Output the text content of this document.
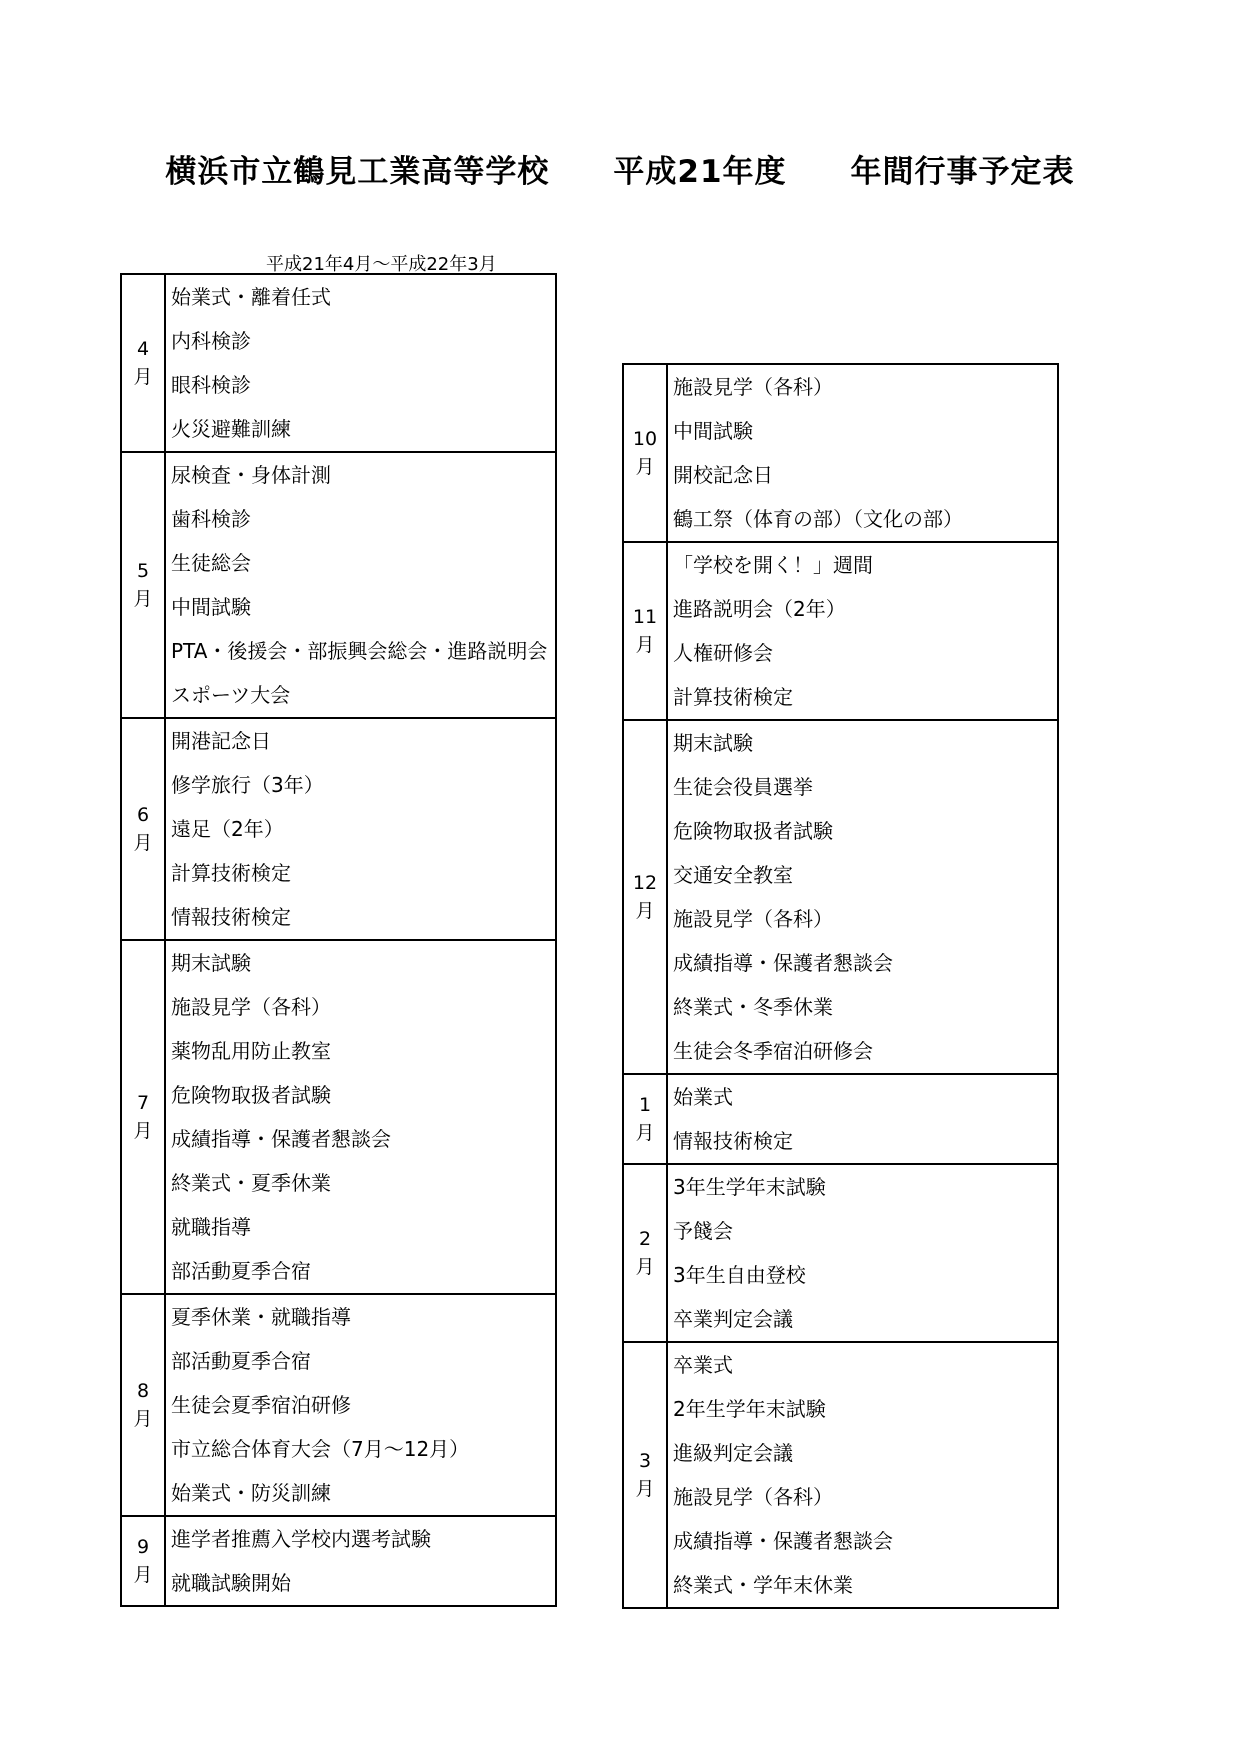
横浜市立鶴見工業高等学校　　平成21年度　　年間行事予定表
平成21年4月～平成22年3月
4
月	始業式・離着任式
	内科検診
	眼科検診
	火災避難訓練

5
月	尿検査・身体計測
	歯科検診
	生徒総会
	中間試験
	PTA・後援会・部振興会総会・進路説明会
	スポーツ大会

6
月	開港記念日
	修学旅行（3年）
	遠足（2年）
	計算技術検定
	情報技術検定

7
月	期末試験
	施設見学（各科）
	薬物乱用防止教室
	危険物取扱者試験
	成績指導・保護者懇談会
	終業式・夏季休業
	就職指導
	部活動夏季合宿

8
月	夏季休業・就職指導
	部活動夏季合宿
	生徒会夏季宿泊研修
	市立総合体育大会（7月～12月）
	始業式・防災訓練

9
月	進学者推薦入学校内選考試験
	就職試験開始
10
月	施設見学（各科）
	中間試験
	開校記念日
	鶴工祭（体育の部）（文化の部）

11
月	「学校を開く！」週間
	進路説明会（2年）
	人権研修会
	計算技術検定

12
月	期末試験
	生徒会役員選挙
	危険物取扱者試験
	交通安全教室
	施設見学（各科）
	成績指導・保護者懇談会
	終業式・冬季休業
	生徒会冬季宿泊研修会

1
月	始業式
	情報技術検定

2
月	3年生学年末試験
	予餞会
	3年生自由登校
	卒業判定会議

3
月	卒業式
	2年生学年末試験
	進級判定会議
	施設見学（各科）
	成績指導・保護者懇談会
	終業式・学年末休業
